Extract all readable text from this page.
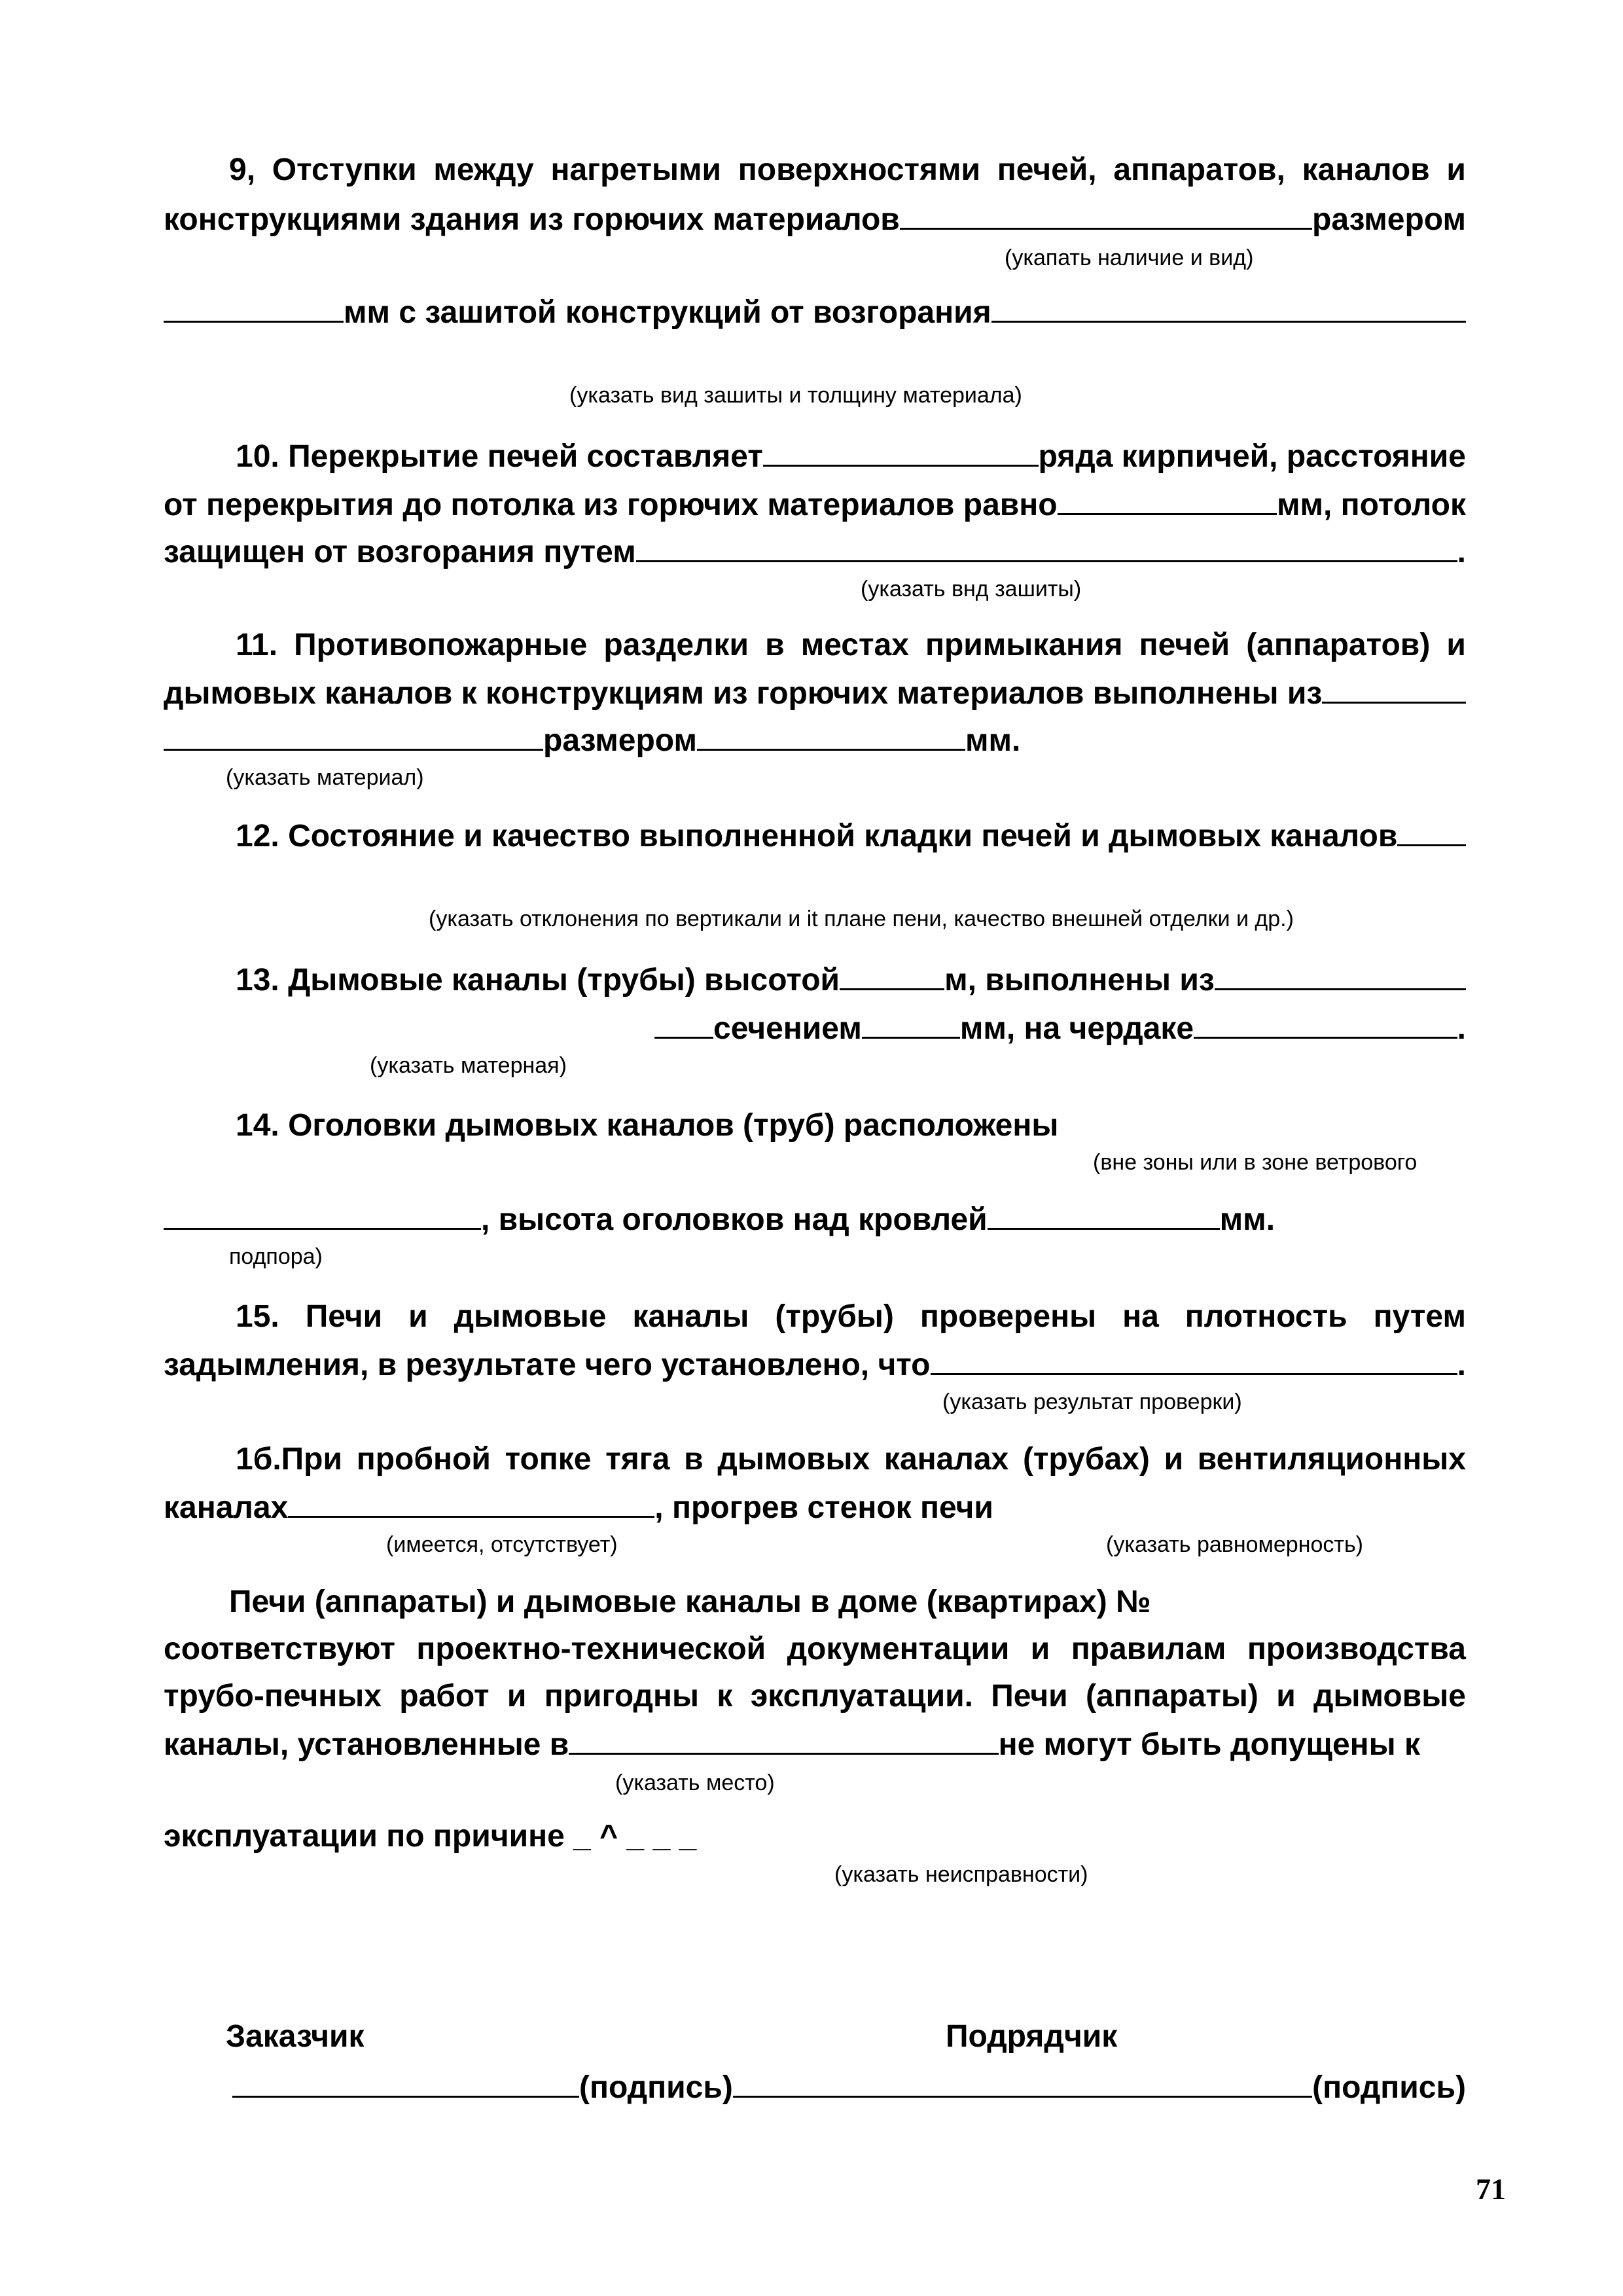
9, Отступки между нагретыми поверхностями печей, аппаратов, каналов и
конструкциями здания из горючих материалов	размером
(укапать наличие и вид)
мм с зашитой конструкций от возгорания
(указать вид зашиты и толщину материала)
10. Перекрытие печей составляет	ряда кирпичей, расстояние
от перекрытия до потолка из горючих материалов равно	мм, потолок
защищен от возгорания путем	.
(указать внд зашиты)
11. Противопожарные разделки в местах примыкания печей (аппаратов) и
дымовых каналов к конструкциям из горючих материалов выполнены из
размером	мм.
(указать материал)
12. Состояние и качество выполненной кладки печей и дымовых каналов
(указать отклонения по вертикали и it плане пени, качество внешней отделки и др.)
13. Дымовые каналы (трубы) высотой	м, выполнены из
сечением	мм, на чердаке	.
(указать матерная)
14. Оголовки дымовых каналов (труб) расположены
(вне зоны или в зоне ветрового
, высота оголовков над кровлей	мм.
подпора)
15. Печи и дымовые каналы (трубы) проверены на плотность путем
задымления, в результате чего установлено, что	.
(указать результат проверки)
1б.При пробной топке тяга в дымовых каналах (трубах) и вентиляционных
каналах	, прогрев стенок печи
(имеется, отсутствует)	(указать равномерность)
Печи (аппараты) и дымовые каналы в доме (квартирах) №
соответствуют проектно-технической документации и правилам производства
трубо-печных работ и пригодны к эксплуатации. Печи (аппараты) и дымовые
каналы, установленные в	не могут быть допущены к
(указать место)
эксплуатации по причине _ ^ _ _ _
(указать неисправности)
Заказчик	Подрядчик
(подпись)	(подпись)
71
